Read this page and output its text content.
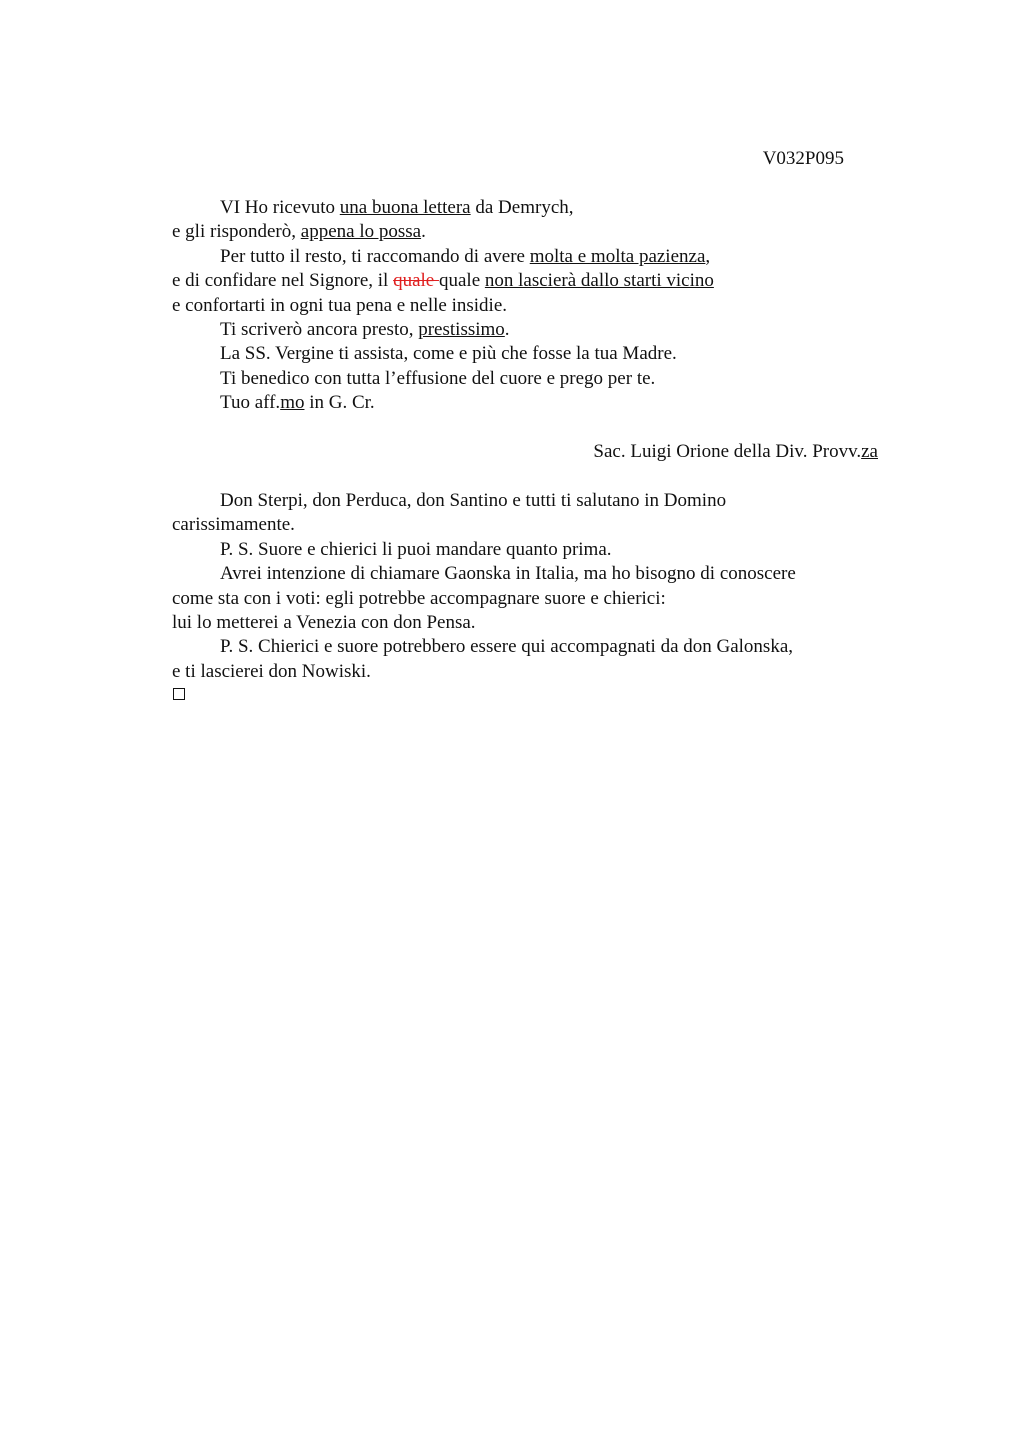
V032P095
VI Ho ricevuto una buona lettera da Demrych,
e gli risponderò, appena lo possa.
Per tutto il resto, ti raccomando di avere molta e molta pazienza,
e di confidare nel Signore, il quale quale non lascierà dallo starti vicino
e confortarti in ogni tua pena e nelle insidie.
Ti scriverò ancora presto, prestissimo.
La SS. Vergine ti assista, come e più che fosse la tua Madre.
Ti benedico con tutta l’effusione del cuore e prego per te.
Tuo aff.mo in G. Cr.
Sac. Luigi Orione della Div. Provv.za
Don Sterpi, don Perduca, don Santino e tutti ti salutano in Domino
carissimamente.
P. S. Suore e chierici li puoi mandare quanto prima.
Avrei intenzione di chiamare Gaonska in Italia, ma ho bisogno di conoscere
come sta con i voti: egli potrebbe accompagnare suore e chierici:
lui lo metterei a Venezia con don Pensa.
P. S. Chierici e suore potrebbero essere qui accompagnati da don Galonska,
e ti lascierei don Nowiski.
